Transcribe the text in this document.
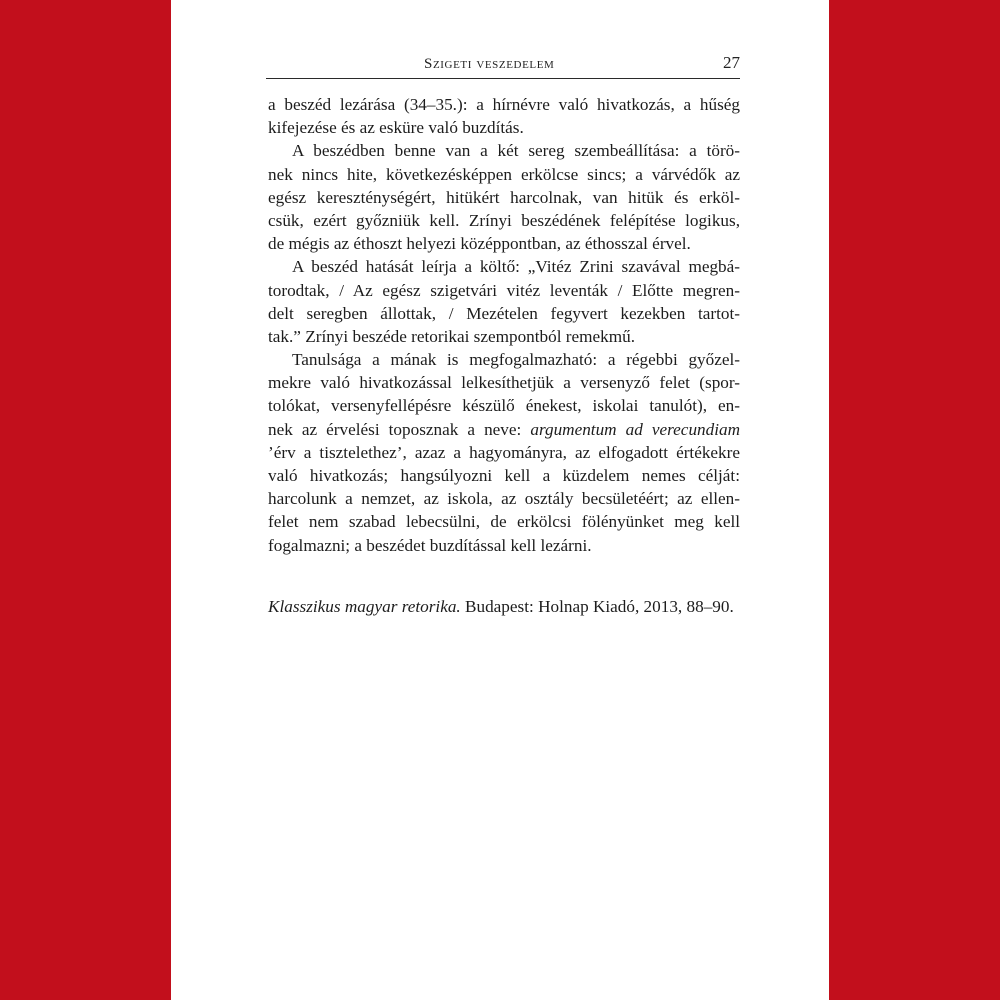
Szigeti veszedelem	27
a beszéd lezárása (34–35.): a hírnévre való hivatkozás, a hűség
kifejezése és az esküre való buzdítás.
A beszédben benne van a két sereg szembeállítása: a törö-
nek nincs hite, következésképpen erkölcse sincs; a várvédők az
egész kereszténységért, hitükért harcolnak, van hitük és erköl-
csük, ezért győzniük kell. Zrínyi beszédének felépítése logikus,
de mégis az éthoszt helyezi középpontban, az éthosszal érvel.
A beszéd hatását leírja a költő: „Vitéz Zrini szavával megbá-
torodtak, / Az egész szigetvári vitéz leventák / Előtte megren-
delt seregben állottak, / Mezételen fegyvert kezekben tartot-
tak.” Zrínyi beszéde retorikai szempontból remekmű.
Tanulsága a mának is megfogalmazható: a régebbi győzel-
mekre való hivatkozással lelkesíthetjük a versenyző felet (spor-
tolókat, versenyfellépésre készülő énekest, iskolai tanulót), en-
nek az érvelési toposznak a neve: argumentum ad verecundiam
’érv a tisztelethez’, azaz a hagyományra, az elfogadott értékekre
való hivatkozás; hangsúlyozni kell a küzdelem nemes célját:
harcolunk a nemzet, az iskola, az osztály becsületéért; az ellen-
felet nem szabad lebecsülni, de erkölcsi fölényünket meg kell
fogalmazni; a beszédet buzdítással kell lezárni.
Klasszikus magyar retorika. Budapest: Holnap Kiadó, 2013, 88–90.
